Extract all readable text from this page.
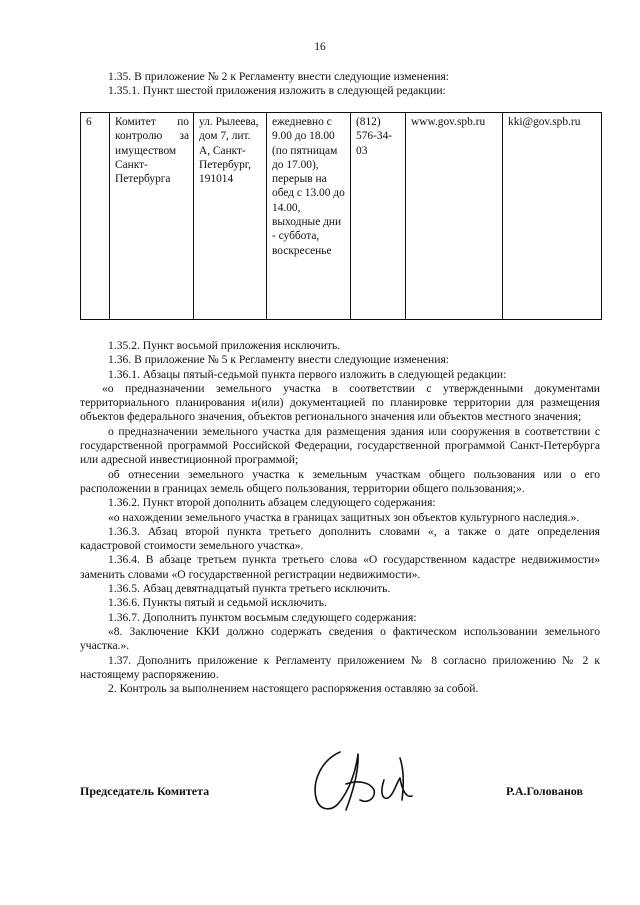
16

1.35. В приложение № 2 к Регламенту внести следующие изменения:

1.35.1. Пункт шестой приложения изложить в следующей редакции:

6	Комитет по контролю за имуществом Санкт-Петербурга	ул. Рылеева, дом 7, лит. А, Санкт-Петербург, 191014	ежедневно с 9.00 до 18.00 (по пятницам до 17.00), перерыв на обед с 13.00 до 14.00, выходные дни - суббота, воскресенье	(812) 576-34-03	www.gov.spb.ru	kki@gov.spb.ru

1.35.2. Пункт восьмой приложения исключить.

1.36. В приложение № 5 к Регламенту внести следующие изменения:

1.36.1. Абзацы пятый-седьмой пункта первого изложить в следующей редакции:

«о предназначении земельного участка в соответствии с утвержденными документами территориального планирования и(или) документацией по планировке территории для размещения объектов федерального значения, объектов регионального значения или объектов местного значения;

о предназначении земельного участка для размещения здания или сооружения в соответствии с государственной программой Российской Федерации, государственной программой Санкт-Петербурга или адресной инвестиционной программой;

об отнесении земельного участка к земельным участкам общего пользования или о его расположении в границах земель общего пользования, территории общего пользования;».

1.36.2. Пункт второй дополнить абзацем следующего содержания:

«о нахождении земельного участка в границах защитных зон объектов культурного наследия.».

1.36.3. Абзац второй пункта третьего дополнить словами «, а также о дате определения кадастровой стоимости земельного участка».

1.36.4. В абзаце третьем пункта третьего слова «О государственном кадастре недвижимости» заменить словами «О государственной регистрации недвижимости».

1.36.5. Абзац девятнадцатый пункта третьего исключить.

1.36.6. Пункты пятый и седьмой исключить.

1.36.7. Дополнить пунктом восьмым следующего содержания:

«8. Заключение ККИ должно содержать сведения о фактическом использовании земельного участка.».

1.37. Дополнить приложение к Регламенту приложением № 8 согласно приложению № 2 к настоящему распоряжению.

2. Контроль за выполнением настоящего распоряжения оставляю за собой.

Председатель Комитета	Р.А.Голованов
